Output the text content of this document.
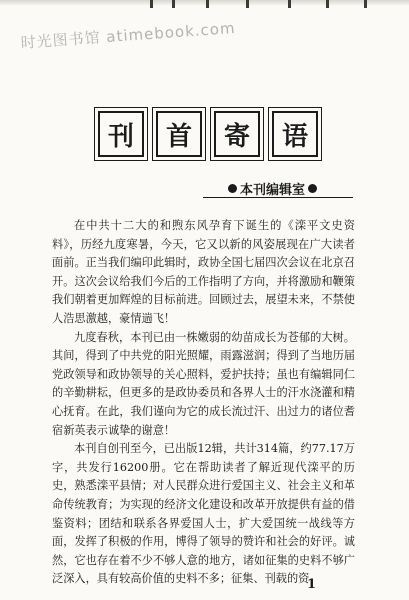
时光图书馆 atimebook.com
刊	首	寄	语
本刊编辑室

在中共十二大的和煦东风孕育下诞生的《滦平文史资料》，历经九度寒暑，今天，它又以新的风姿展现在广大读者面前。正当我们编印此辑时，政协全国七届四次会议在北京召开。这次会议给我们今后的工作指明了方向，并将激励和鞭策我们朝着更加辉煌的目标前进。回顾过去，展望未来，不禁使人浩思激越，豪情遄飞！

九度春秋，本刊已由一株嫩弱的幼苗成长为苍郁的大树。其间，得到了中共党的阳光照耀，雨露滋润；得到了当地历届党政领导和政协领导的关心照料，爱护扶持；虽也有编辑同仁的辛勤耕耘，但更多的是政协委员和各界人士的汗水浇灌和精心抚育。在此，我们谨向为它的成长流过汗、出过力的诸位耆宿新英表示诚挚的谢意！

本刊自创刊至今，已出版12辑，共计314篇，约77.17万字，共发行16200册。它在帮助读者了解近现代滦平的历史，熟悉滦平县情；对人民群众进行爱国主义、社会主义和革命传统教育；为实现的经济文化建设和改革开放提供有益的借鉴资料；团结和联系各界爱国人士，扩大爱国统一战线等方面，发挥了积极的作用，博得了领导的赞许和社会的好评。诚然，它也存在着不少不够人意的地方，诸如征集的史料不够广泛深入，具有较高价值的史料不多；征集、刊载的资

1
